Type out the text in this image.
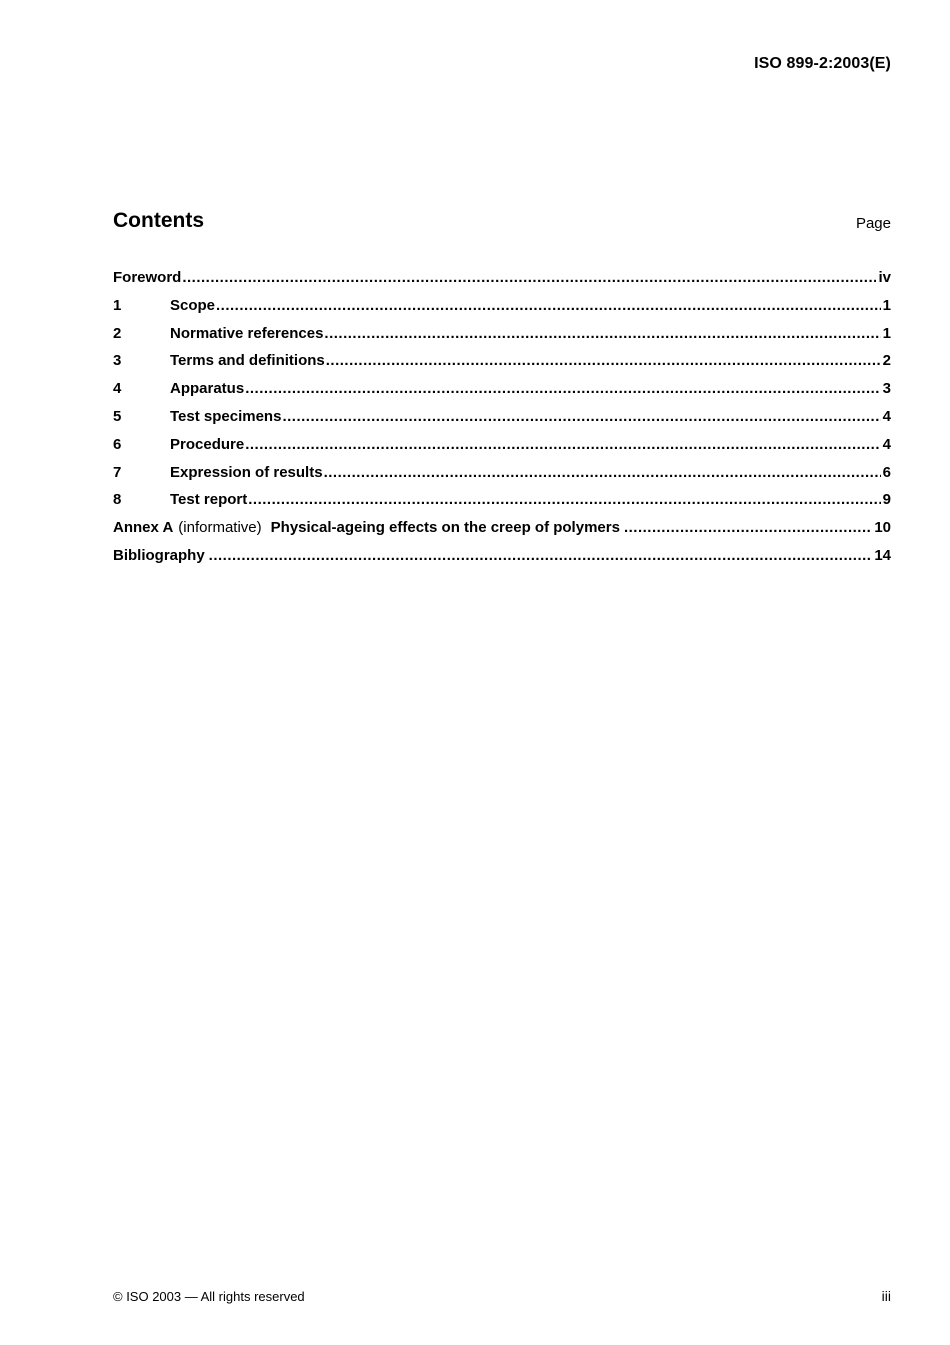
ISO 899-2:2003(E)
Contents	Page
Foreword .....	iv
1	Scope .....	1
2	Normative references .....	1
3	Terms and definitions .....	2
4	Apparatus .....	3
5	Test specimens .....	4
6	Procedure .....	4
7	Expression of results .....	6
8	Test report .....	9
Annex A (informative) Physical-ageing effects on the creep of polymers .....	10
Bibliography .....	14
© ISO 2003 — All rights reserved	iii
